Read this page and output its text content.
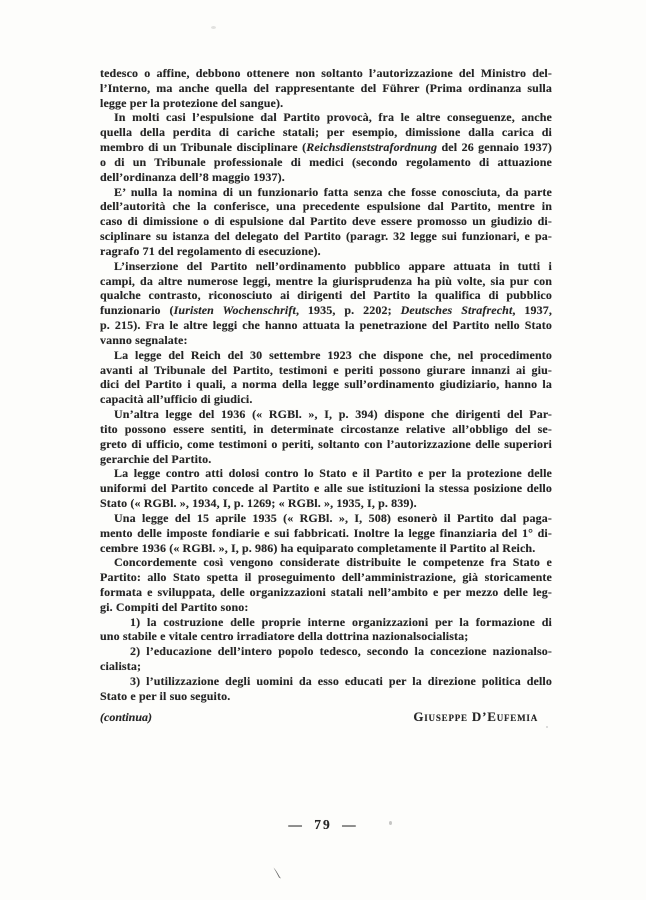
tedesco o affine, debbono ottenere non soltanto l’autorizzazione del Ministro del-
l’Interno, ma anche quella del rappresentante del Führer (Prima ordinanza sulla
legge per la protezione del sangue).
In molti casi l’espulsione dal Partito provocà, fra le altre conseguenze, anche
quella della perdita di cariche statali; per esempio, dimissione dalla carica di
membro di un Tribunale disciplinare (Reichsdienststrafordnung del 26 gennaio 1937)
o di un Tribunale professionale di medici (secondo regolamento di attuazione
dell’ordinanza dell’8 maggio 1937).
E’ nulla la nomina di un funzionario fatta senza che fosse conosciuta, da parte
dell’autorità che la conferisce, una precedente espulsione dal Partito, mentre in
caso di dimissione o di espulsione dal Partito deve essere promosso un giudizio di-
sciplinare su istanza del delegato del Partito (paragr. 32 legge sui funzionari, e pa-
ragrafo 71 del regolamento di esecuzione).
L’inserzione del Partito nell’ordinamento pubblico appare attuata in tutti i
campi, da altre numerose leggi, mentre la giurisprudenza ha più volte, sia pur con
qualche contrasto, riconosciuto ai dirigenti del Partito la qualifica di pubblico
funzionario (Iuristen Wochenschrift, 1935, p. 2202; Deutsches Strafrecht, 1937,
p. 215). Fra le altre leggi che hanno attuata la penetrazione del Partito nello Stato
vanno segnalate:
La legge del Reich del 30 settembre 1923 che dispone che, nel procedimento
avanti al Tribunale del Partito, testimoni e periti possono giurare innanzi ai giu-
dici del Partito i quali, a norma della legge sull’ordinamento giudiziario, hanno la
capacità all’ufficio di giudici.
Un’altra legge del 1936 (« RGBl. », I, p. 394) dispone che dirigenti del Par-
tito possono essere sentiti, in determinate circostanze relative all’obbligo del se-
greto di ufficio, come testimoni o periti, soltanto con l’autorizzazione delle superiori
gerarchie del Partito.
La legge contro atti dolosi contro lo Stato e il Partito e per la protezione delle
uniformi del Partito concede al Partito e alle sue istituzioni la stessa posizione dello
Stato (« RGBl. », 1934, I, p. 1269; « RGBl. », 1935, I, p. 839).
Una legge del 15 aprile 1935 (« RGBl. », I, 508) esonerò il Partito dal paga-
mento delle imposte fondiarie e sui fabbricati. Inoltre la legge finanziaria del 1° di-
cembre 1936 (« RGBl. », I, p. 986) ha equiparato completamente il Partito al Reich.
Concordemente così vengono considerate distribuite le competenze fra Stato e
Partito: allo Stato spetta il proseguimento dell’amministrazione, già storicamente
formata e sviluppata, delle organizzazioni statali nell’ambito e per mezzo delle leg-
gi. Compiti del Partito sono:
1) la costruzione delle proprie interne organizzazioni per la formazione di
uno stabile e vitale centro irradiatore della dottrina nazionalsocialista;
2) l’educazione dell’intero popolo tedesco, secondo la concezione nazionalso-
cialista;
3) l’utilizzazione degli uomini da esso educati per la direzione politica dello
Stato e per il suo seguito.
(continua)	Giuseppe D’Eufemia
— 79 —
